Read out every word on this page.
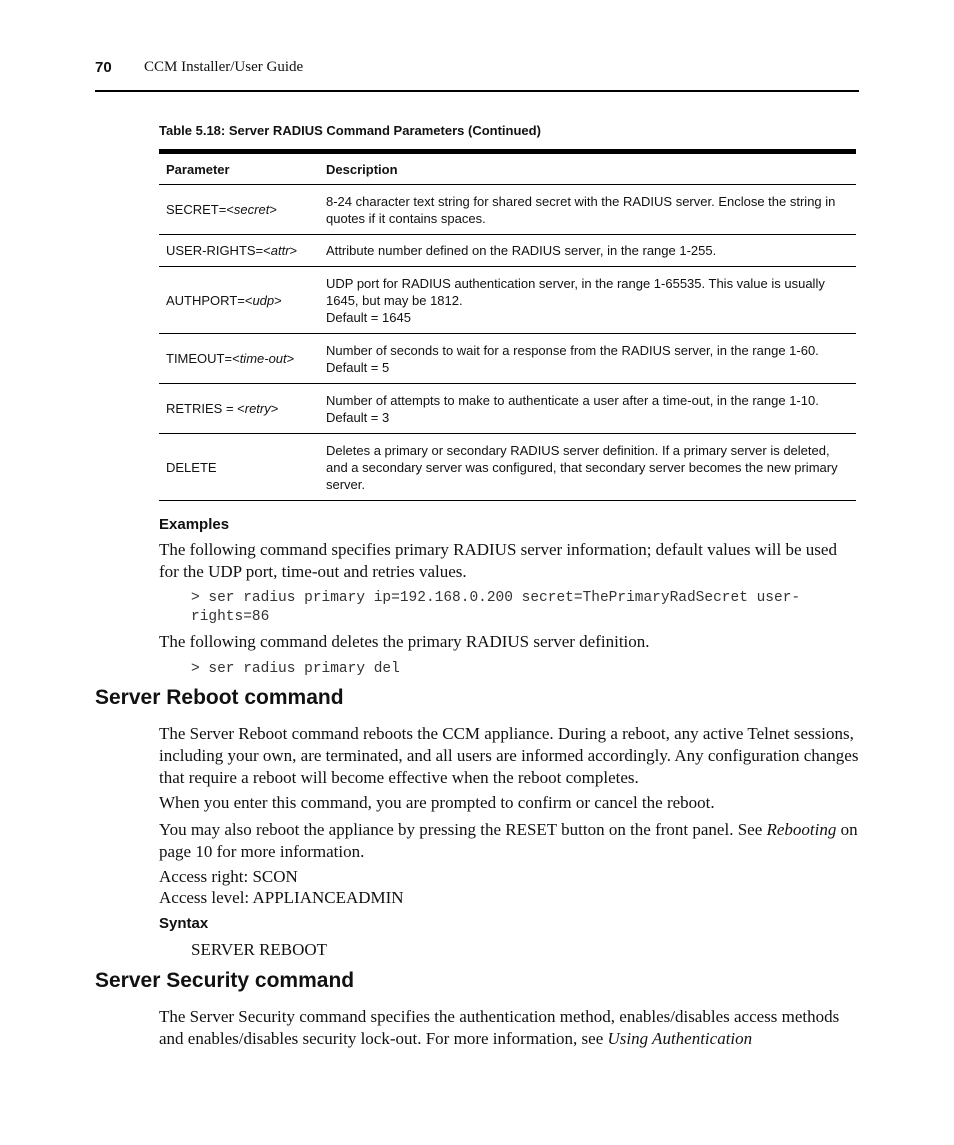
70 CCM Installer/User Guide
Table 5.18: Server RADIUS Command Parameters (Continued)
Parameter	Description
SECRET=<secret>	8-24 character text string for shared secret with the RADIUS server. Enclose the string in quotes if it contains spaces.
USER-RIGHTS=<attr>	Attribute number defined on the RADIUS server, in the range 1-255.
AUTHPORT=<udp>	UDP port for RADIUS authentication server, in the range 1-65535. This value is usually 1645, but may be 1812.
Default = 1645
TIMEOUT=<time-out>	Number of seconds to wait for a response from the RADIUS server, in the range 1-60.
Default = 5
RETRIES = <retry>	Number of attempts to make to authenticate a user after a time-out, in the range 1-10.
Default = 3
DELETE	Deletes a primary or secondary RADIUS server definition. If a primary server is deleted, and a secondary server was configured, that secondary server becomes the new primary server.
Examples
The following command specifies primary RADIUS server information; default values will be used for the UDP port, time-out and retries values.
> ser radius primary ip=192.168.0.200 secret=ThePrimaryRadSecret user-
rights=86
The following command deletes the primary RADIUS server definition.
> ser radius primary del
Server Reboot command
The Server Reboot command reboots the CCM appliance. During a reboot, any active Telnet sessions, including your own, are terminated, and all users are informed accordingly. Any configuration changes that require a reboot will become effective when the reboot completes.
When you enter this command, you are prompted to confirm or cancel the reboot.
You may also reboot the appliance by pressing the RESET button on the front panel. See Rebooting on page 10 for more information.
Access right: SCON
Access level: APPLIANCEADMIN
Syntax
SERVER REBOOT
Server Security command
The Server Security command specifies the authentication method, enables/disables access methods and enables/disables security lock-out. For more information, see Using Authentication
